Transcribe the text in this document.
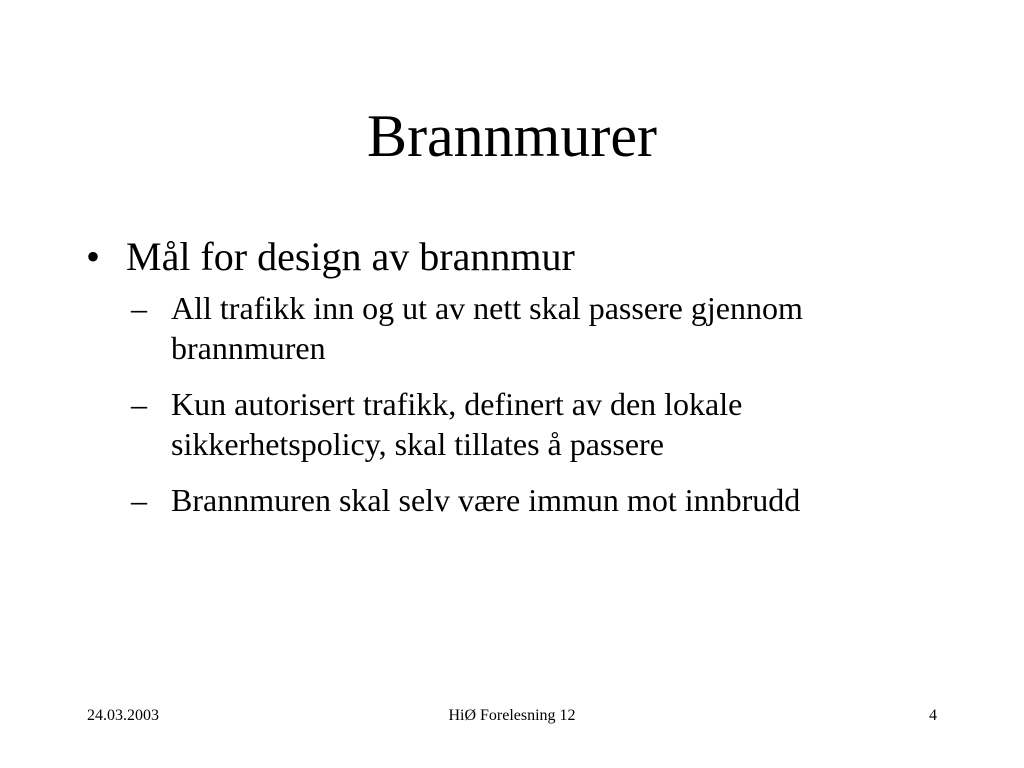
Brannmurer
• Mål for design av brannmur
– All trafikk inn og ut av nett skal passere gjennom brannmuren
– Kun autorisert trafikk, definert av den lokale sikkerhetspolicy, skal tillates å passere
– Brannmuren skal selv være immun mot innbrudd
24.03.2003	HiØ Forelesning 12	4
